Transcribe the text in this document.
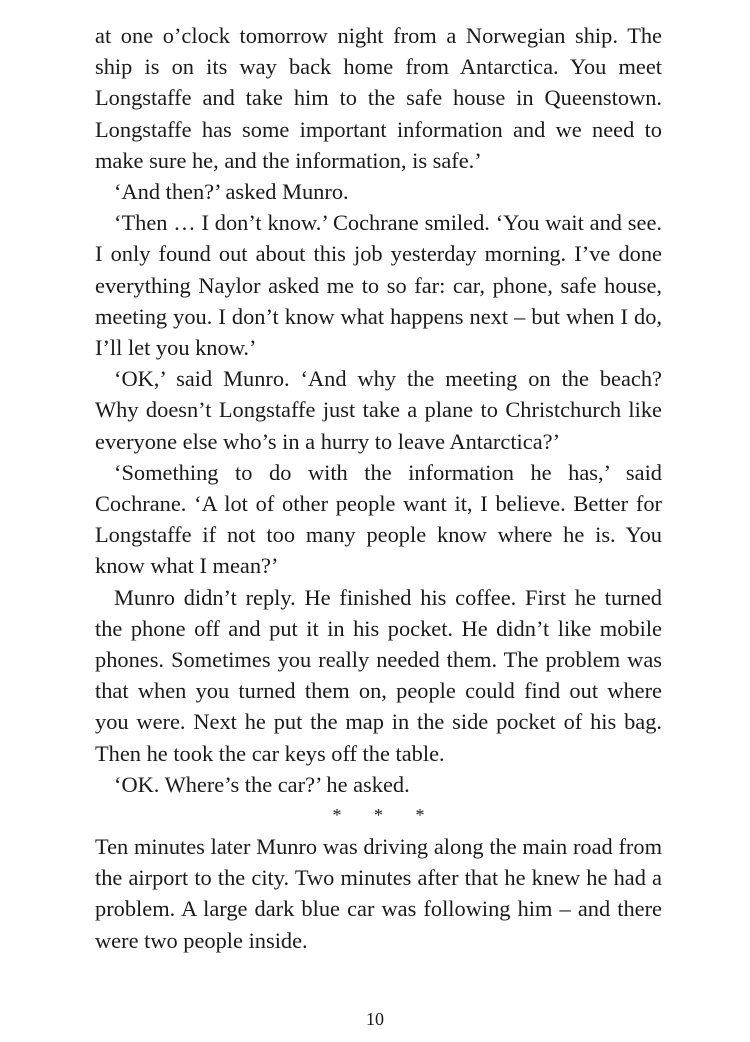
at one o’clock tomorrow night from a Norwegian ship. The ship is on its way back home from Antarctica. You meet Longstaffe and take him to the safe house in Queenstown. Longstaffe has some important information and we need to make sure he, and the information, is safe.’

‘And then?’ asked Munro.

‘Then … I don’t know.’ Cochrane smiled. ‘You wait and see. I only found out about this job yesterday morning. I’ve done everything Naylor asked me to so far: car, phone, safe house, meeting you. I don’t know what happens next – but when I do, I’ll let you know.’

‘OK,’ said Munro. ‘And why the meeting on the beach? Why doesn’t Longstaffe just take a plane to Christchurch like everyone else who’s in a hurry to leave Antarctica?’

‘Something to do with the information he has,’ said Cochrane. ‘A lot of other people want it, I believe. Better for Longstaffe if not too many people know where he is. You know what I mean?’

Munro didn’t reply. He finished his coffee. First he turned the phone off and put it in his pocket. He didn’t like mobile phones. Sometimes you really needed them. The problem was that when you turned them on, people could find out where you were. Next he put the map in the side pocket of his bag. Then he took the car keys off the table.

‘OK. Where’s the car?’ he asked.

* * *

Ten minutes later Munro was driving along the main road from the airport to the city. Two minutes after that he knew he had a problem. A large dark blue car was following him – and there were two people inside.

10
